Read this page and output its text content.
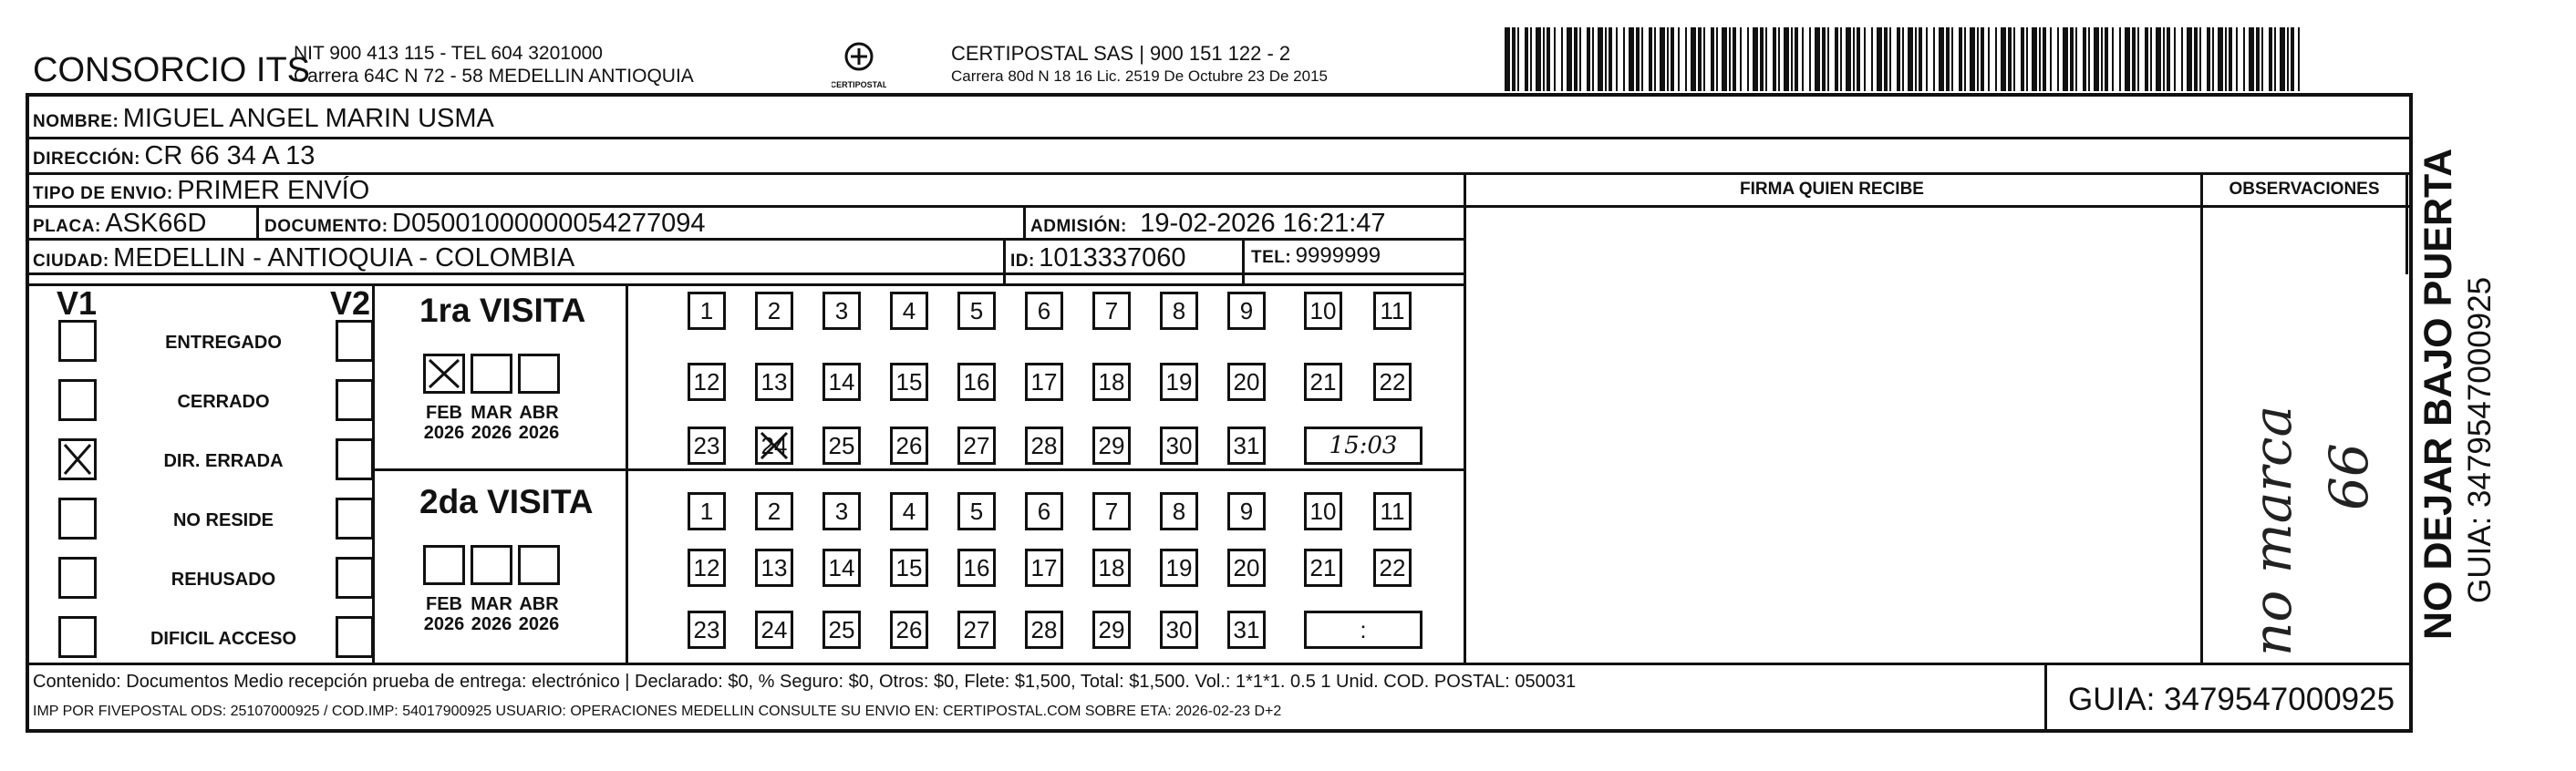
CONSORCIO ITS
NIT 900 413 115 - TEL 604 3201000
Carrera 64C N 72 - 58 MEDELLIN ANTIOQUIA	CERTIPOSTAL
CERTIPOSTAL SAS | 900 151 122 - 2
Carrera 80d N 18 16 Lic. 2519 De Octubre 23 De 2015
NOMBRE: MIGUEL ANGEL MARIN USMA
DIRECCIÓN: CR 66 34 A 13
TIPO DE ENVIO: PRIMER ENVÍO
PLACA: ASK66D	DOCUMENTO: D05001000000054277094	ADMISIÓN: 19-02-2026 16:21:47
CIUDAD: MEDELLIN - ANTIOQUIA - COLOMBIA	ID: 1013337060	TEL: 9999999
FIRMA QUIEN RECIBE	OBSERVACIONES
V1	V2
ENTREGADO
CERRADO
DIR. ERRADA
NO RESIDE
REHUSADO
DIFICIL ACCESO
1ra VISITA
2da VISITA
FEB
2026
MAR
2026
ABR
2026
FEB
2026
MAR
2026
ABR
2026
1 2 3 4 5 6 7 8 9 10 11
12 13 14 15 16 17 18 19 20 21 22
23 24 25 26 27 28 29 30 31	15:03
1 2 3 4 5 6 7 8 9 10 11
12 13 14 15 16 17 18 19 20 21 22
23 24 25 26 27 28 29 30 31	:	no marca 66
Contenido: Documentos Medio recepción prueba de entrega: electrónico | Declarado: $0, % Seguro: $0, Otros: $0, Flete: $1,500, Total: $1,500. Vol.: 1*1*1. 0.5 1 Unid. COD. POSTAL: 050031
IMP POR FIVEPOSTAL ODS: 25107000925 / COD.IMP: 54017900925 USUARIO: OPERACIONES MEDELLIN CONSULTE SU ENVIO EN: CERTIPOSTAL.COM SOBRE ETA: 2026-02-23 D+2	GUIA: 3479547000925
NO DEJAR BAJO PUERTA GUIA: 3479547000925
